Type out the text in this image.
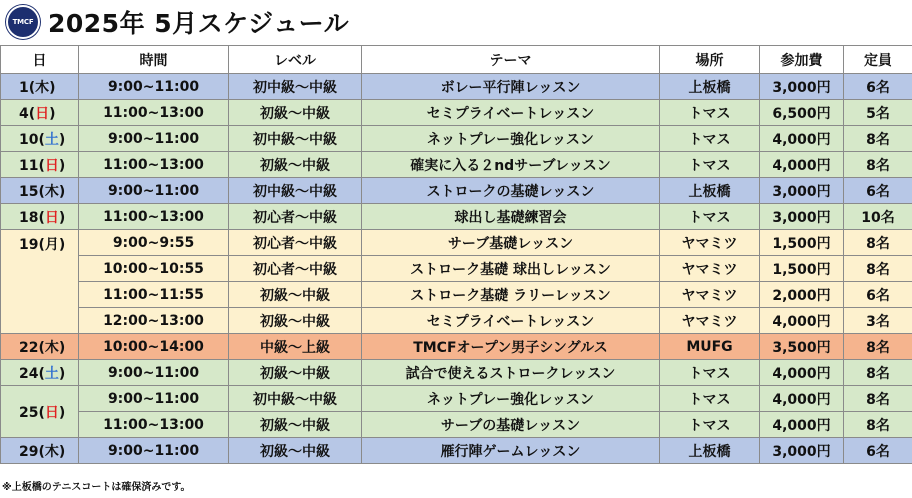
TMCF 2025年 5月スケジュール
日	時間	レベル	テーマ	場所	参加費	定員
1(木)	9:00~11:00	初中級～中級	ボレー平行陣レッスン	上板橋	3,000円	6名
4(日)	11:00~13:00	初級～中級	セミプライベートレッスン	トマス	6,500円	5名
10(土)	9:00~11:00	初中級～中級	ネットプレー強化レッスン	トマス	4,000円	8名
11(日)	11:00~13:00	初級～中級	確実に入る２ndサーブレッスン	トマス	4,000円	8名
15(木)	9:00~11:00	初中級～中級	ストロークの基礎レッスン	上板橋	3,000円	6名
18(日)	11:00~13:00	初心者～中級	球出し基礎練習会	トマス	3,000円	10名
19(月)	9:00~9:55	初心者～中級	サーブ基礎レッスン	ヤマミツ	1,500円	8名
	10:00~10:55	初心者～中級	ストローク基礎 球出しレッスン	ヤマミツ	1,500円	8名
	11:00~11:55	初級～中級	ストローク基礎 ラリーレッスン	ヤマミツ	2,000円	6名
	12:00~13:00	初級～中級	セミプライベートレッスン	ヤマミツ	4,000円	3名
22(木)	10:00~14:00	中級～上級	TMCFオープン男子シングルス	MUFG	3,500円	8名
24(土)	9:00~11:00	初級～中級	試合で使えるストロークレッスン	トマス	4,000円	8名
25(日)	9:00~11:00	初中級～中級	ネットプレー強化レッスン	トマス	4,000円	8名
	11:00~13:00	初級～中級	サーブの基礎レッスン	トマス	4,000円	8名
29(木)	9:00~11:00	初級～中級	雁行陣ゲームレッスン	上板橋	3,000円	6名
※上板橋のテニスコートは確保済みです。
